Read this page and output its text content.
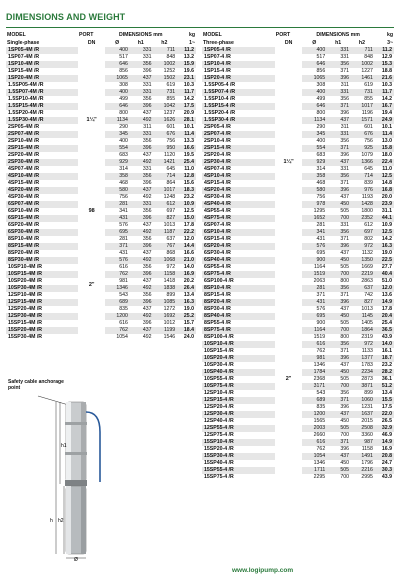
DIMENSIONS AND WEIGHT
MODEL	PORT	DIMENSIONS mm			kg
Single-phase	DN	Ø	h1	h2	1~
1SP05-4M /R	1¼"	400	331	711	11.2
1SP07-4M /R		517	331	848	13.2
1SP10-4M /R		646	356	1002	15.9
1SP15-4M /R		856	396	1252	19.6
1SP20-4M /R		1065	437	1502	23.1
1.5SP05-4M /R		308	331	619	10.3
1.5SP07-4M /R		400	331	731	11.7
1.5SP10-4M /R		499	356	855	14.2
1.5SP15-4M /R		646	396	1042	17.5
1.5SP20-4M /R		800	437	1237	20.9
1.5SP30-4M /R		1134	492	1626	28.1
2SP05-4M /R		290	311	601	10.1
2SP07-4M /R		345	331	676	11.4
2SP10-4M /R		400	356	756	13.3
2SP15-4M /R		554	396	950	16.6
2SP20-4M /R		683	437	1120	19.5
2SP30-4M /R		929	492	1421	25.4
4SP07-4M /R		314	331	645	11.0
4SP10-4M /R		358	356	714	12.8
4SP15-4M /R		468	396	864	15.6
4SP20-4M /R		580	437	1017	18.3
4SP30-4M /R	98	756	492	1248	23.2
6SP07-4M /R		281	331	612	10.9
6SP10-4M /R		341	356	697	12.5
6SP15-4M /R		431	396	827	15.0
6SP20-4M /R		576	437	1013	17.8
6SP30-4M /R	2"	695	492	1187	22.2
8SP10-4M /R		281	356	637	12.0
8SP15-4M /R		371	396	767	14.4
8SP20-4M /R		431	437	868	16.6
8SP30-4M /R		576	492	1068	21.0
10SP10-4M /R		616	356	972	14.0
10SP15-4M /R		762	396	1158	16.9
10SP20-4M /R		981	437	1418	20.2
10SP30-4M /R		1346	492	1838	26.4
12SP10-4M /R		543	356	899	13.4
12SP15-4M /R		689	396	1085	16.3
12SP20-4M /R		835	437	1272	19.0
12SP30-4M /R		1200	492	1692	25.2
15SP15-4M /R		616	396	1012	15.7
15SP20-4M /R		762	437	1199	18.4
15SP30-4M /R		1054	492	1546	24.0
MODEL	PORT	DIMENSIONS mm			kg
Three-phase	DN	Ø	h1	h2	3~
1SP05-4 /R	1¼"	400	331	711	11.2
1SP07-4 /R		517	331	848	12.9
1SP10-4 /R		646	356	1002	15.3
1SP15-4 /R		856	371	1227	18.8
1SP20-4 /R		1065	396	1461	21.6
1.5SP05-4 /R		308	311	619	10.3
1.5SP07-4 /R		400	331	731	11.7
1.5SP10-4 /R		499	356	855	14.2
1.5SP15-4 /R		646	371	1017	16.7
1.5SP20-4 /R		800	396	1196	19.4
1.5SP30-4 /R		1134	437	1571	24.9
2SP05-4 /R		290	311	601	10.1
2SP07-4 /R		345	331	676	11.4
2SP10-4 /R		400	356	756	13.0
2SP15-4 /R		554	371	925	15.8
2SP20-4 /R		683	396	1079	18.0
2SP30-4 /R		929	437	1366	22.4
4SP07-4 /R		314	331	645	11.0
4SP10-4 /R		358	356	714	12.5
4SP15-4 /R		468	371	839	14.8
4SP20-4 /R		580	396	976	16.8
4SP30-4 /R		756	437	1193	20.0
4SP40-4 /R		978	450	1428	23.9
4SP55-4 /R		1295	505	1800	31.1
4SP75-4 /R		1652	700	2352	44.1
6SP07-4 /R		281	331	612	10.9
6SP10-4 /R		341	356	697	12.5
6SP15-4 /R		431	371	802	14.2
6SP20-4 /R		576	396	972	16.3
6SP30-4 /R		695	437	1132	19.0
6SP40-4 /R		900	450	1350	22.5
6SP55-4 /R		1164	505	1669	27.7
6SP75-4 /R		1519	700	2219	40.4
6SP100-4 /R	2"	2063	800	2863	51.0
8SP10-4 /R		281	356	637	12.0
8SP15-4 /R		371	371	742	13.6
8SP20-4 /R		431	396	827	14.9
8SP30-4 /R		576	437	1013	17.8
8SP40-4 /R		695	450	1145	20.4
8SP55-4 /R		900	505	1405	25.4
8SP75-4 /R		1164	700	1864	36.5
8SP100-4 /R		1519	800	2319	43.9
10SP10-4 /R		616	356	972	14.0
10SP15-4 /R		762	371	1133	16.1
10SP20-4 /R		981	396	1377	18.7
10SP30-4 /R		1346	437	1783	23.2
10SP40-4 /R		1784	450	2234	28.2
10SP55-4 /R		2368	505	2873	36.1
10SP75-4 /R		3171	700	3871	51.2
12SP10-4 /R		543	356	899	13.4
12SP15-4 /R		689	371	1060	15.5
12SP20-4 /R		835	396	1231	17.5
12SP30-4 /R		1200	437	1637	22.0
12SP40-4 /R		1565	450	2015	26.5
12SP55-4 /R		2003	505	2508	32.9
12SP75-4 /R		2660	700	3360	46.9
15SP10-4 /R		616	371	987	14.9
15SP20-4 /R		762	396	1158	16.9
15SP30-4 /R		1054	437	1491	20.8
15SP40-4 /R		1346	450	1796	24.7
15SP55-4 /R		1711	505	2216	30.3
15SP75-4 /R		2295	700	2995	43.9
Safety cable anchorage point
Ø
h1
h h2
www.logipump.com
